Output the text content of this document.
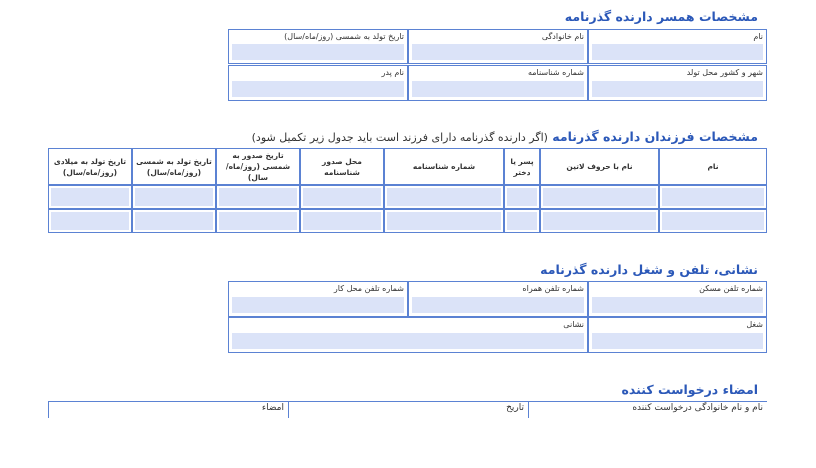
مشخصات همسر دارنده گذرنامه
نام
نام خانوادگی
تاریخ تولد به شمسی (روز/ماه/سال)
شهر و کشور محل تولد
شماره شناسنامه
نام پدر
مشخصات فرزندان دارنده گذرنامه (اگر دارنده گذرنامه دارای فرزند است باید جدول زیر تکمیل شود)
نام
نام با حروف لاتین
پسر یا دختر
شماره شناسنامه
محل صدور شناسنامه
تاریخ صدور به شمسی (روز/ماه/سال)
تاریخ تولد به شمسی (روز/ماه/سال)
تاریخ تولد به میلادی (روز/ماه/سال)
نشانی، تلفن و شغل دارنده گذرنامه
شماره تلفن مسکن
شماره تلفن همراه
شماره تلفن محل کار
شغل
نشانی
امضاء درخواست کننده
نام و نام خانوادگی درخواست کننده
تاریخ
امضاء
